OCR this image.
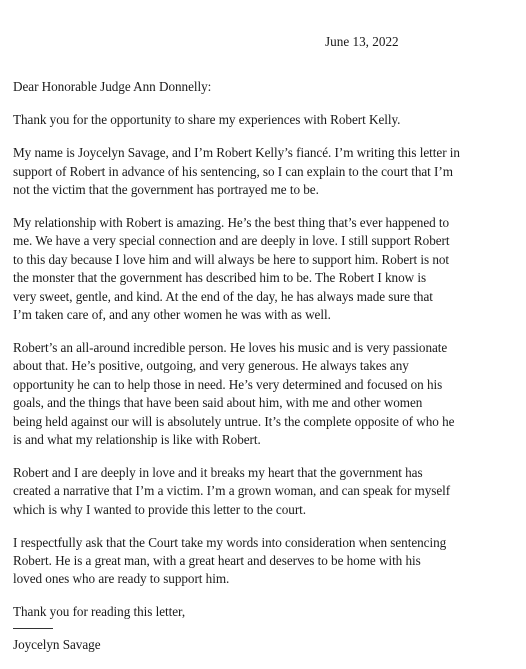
June 13, 2022

Dear Honorable Judge Ann Donnelly:

Thank you for the opportunity to share my experiences with Robert Kelly.

My name is Joycelyn Savage, and I’m Robert Kelly’s fiancé. I’m writing this letter in
support of Robert in advance of his sentencing, so I can explain to the court that I’m
not the victim that the government has portrayed me to be.

My relationship with Robert is amazing. He’s the best thing that’s ever happened to
me. We have a very special connection and are deeply in love. I still support Robert
to this day because I love him and will always be here to support him. Robert is not
the monster that the government has described him to be. The Robert I know is
very sweet, gentle, and kind. At the end of the day, he has always made sure that
I’m taken care of, and any other women he was with as well.

Robert’s an all-around incredible person. He loves his music and is very passionate
about that. He’s positive, outgoing, and very generous. He always takes any
opportunity he can to help those in need. He’s very determined and focused on his
goals, and the things that have been said about him, with me and other women
being held against our will is absolutely untrue. It’s the complete opposite of who he
is and what my relationship is like with Robert.

Robert and I are deeply in love and it breaks my heart that the government has
created a narrative that I’m a victim. I’m a grown woman, and can speak for myself
which is why I wanted to provide this letter to the court.

I respectfully ask that the Court take my words into consideration when sentencing
Robert. He is a great man, with a great heart and deserves to be home with his
loved ones who are ready to support him.

Thank you for reading this letter,

Joycelyn Savage
